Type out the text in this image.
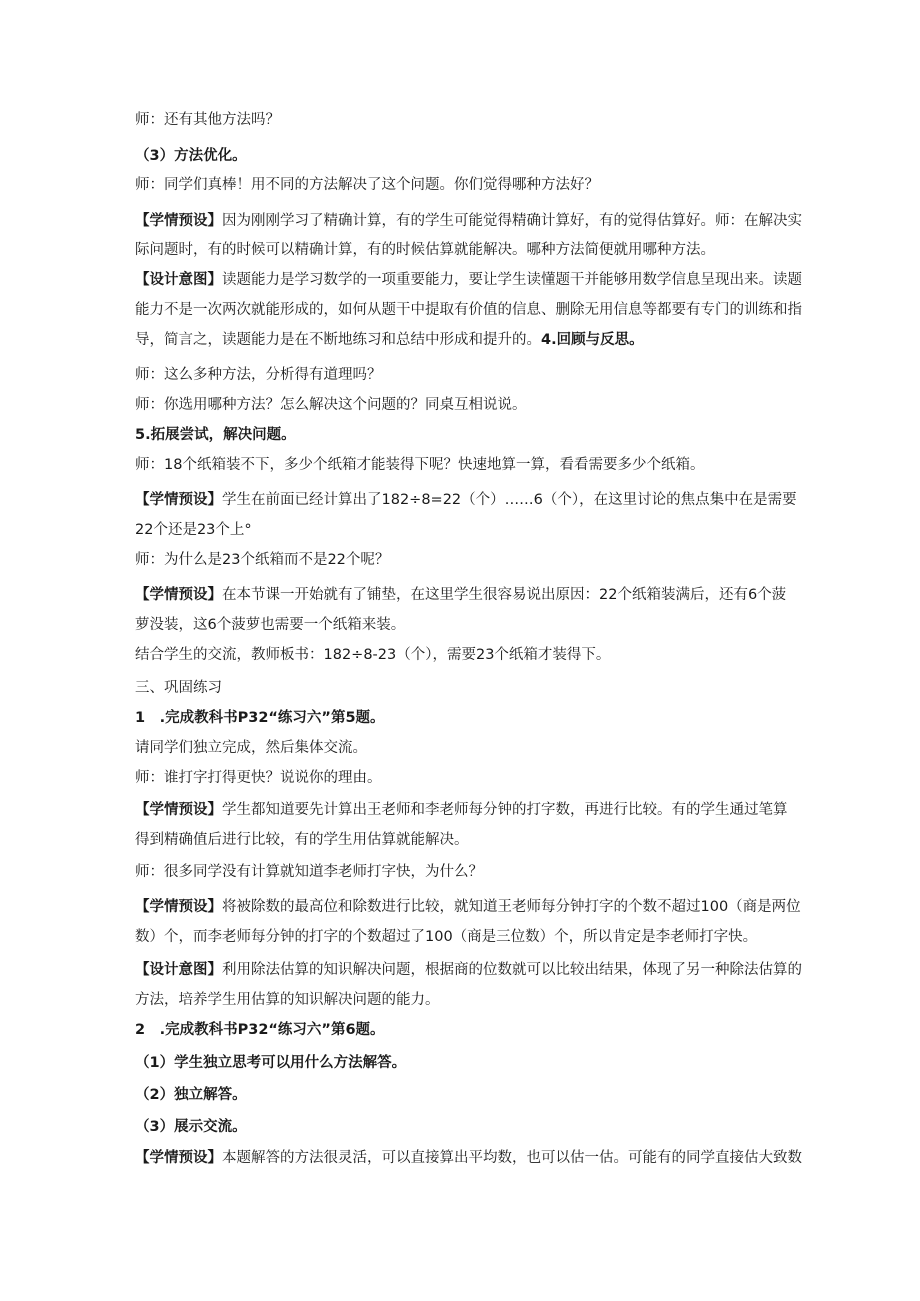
师：还有其他方法吗？
（3）方法优化。
师：同学们真棒！用不同的方法解决了这个问题。你们觉得哪种方法好？
【学情预设】因为刚刚学习了精确计算，有的学生可能觉得精确计算好，有的觉得估算好。师：在解决实
际问题时，有的时候可以精确计算，有的时候估算就能解决。哪种方法简便就用哪种方法。
【设计意图】读题能力是学习数学的一项重要能力，要让学生读懂题干并能够用数学信息呈现出来。读题
能力不是一次两次就能形成的，如何从题干中提取有价值的信息、删除无用信息等都要有专门的训练和指
导，简言之，读题能力是在不断地练习和总结中形成和提升的。4.回顾与反思。
师：这么多种方法，分析得有道理吗？
师：你选用哪种方法？怎么解决这个问题的？同桌互相说说。
5.拓展尝试，解决问题。
师：18个纸箱装不下，多少个纸箱才能装得下呢？快速地算一算，看看需要多少个纸箱。
【学情预设】学生在前面已经计算出了182÷8=22（个）……6（个），在这里讨论的焦点集中在是需要
22个还是23个上°
师：为什么是23个纸箱而不是22个呢？
【学情预设】在本节课一开始就有了铺垫，在这里学生很容易说出原因：22个纸箱装满后，还有6个菠
萝没装，这6个菠萝也需要一个纸箱来装。
结合学生的交流，教师板书：182÷8-23（个），需要23个纸箱才装得下。
三、巩固练习
1　.完成教科书P32“练习六”第5题。
请同学们独立完成，然后集体交流。
师：谁打字打得更快？说说你的理由。
【学情预设】学生都知道要先计算出王老师和李老师每分钟的打字数，再进行比较。有的学生通过笔算
得到精确值后进行比较，有的学生用估算就能解决。
师：很多同学没有计算就知道李老师打字快，为什么？
【学情预设】将被除数的最高位和除数进行比较，就知道王老师每分钟打字的个数不超过100（商是两位
数）个，而李老师每分钟的打字的个数超过了100（商是三位数）个，所以肯定是李老师打字快。
【设计意图】利用除法估算的知识解决问题，根据商的位数就可以比较出结果，体现了另一种除法估算的
方法，培养学生用估算的知识解决问题的能力。
2　.完成教科书P32“练习六”第6题。
（1）学生独立思考可以用什么方法解答。
（2）独立解答。
（3）展示交流。
【学情预设】本题解答的方法很灵活，可以直接算出平均数，也可以估一估。可能有的同学直接估大致数
